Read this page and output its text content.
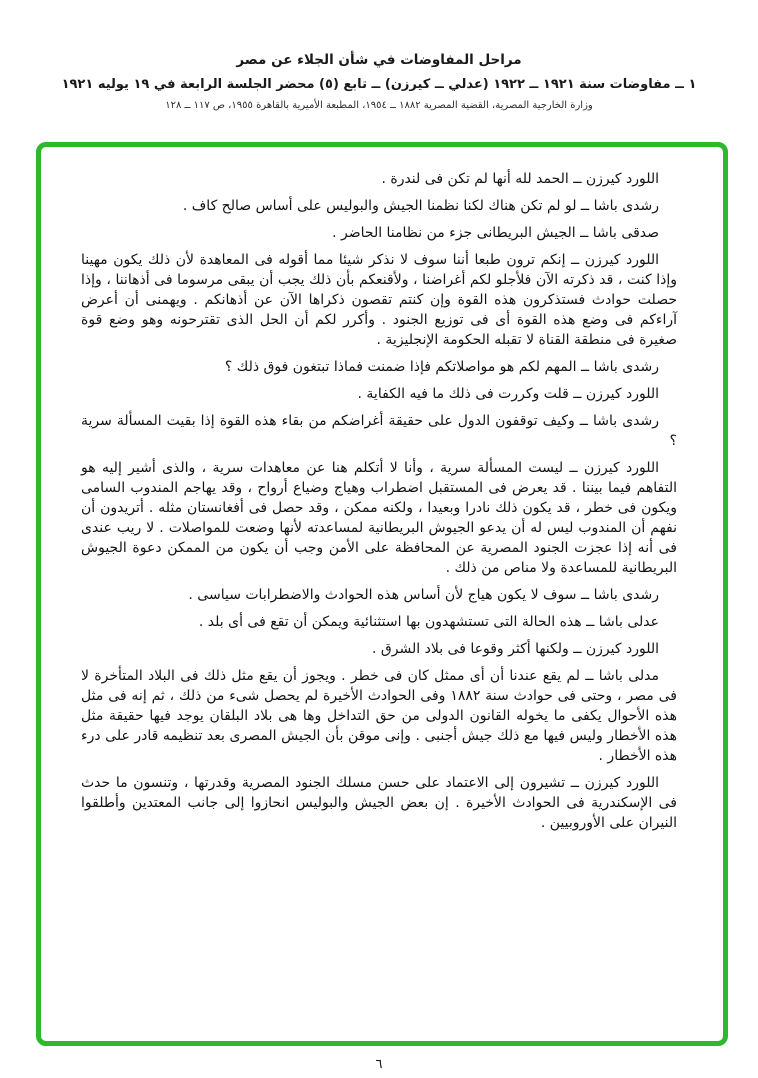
مراحل المفاوضات في شأن الجلاء عن مصر

١ ــ مفاوضات سنة ١٩٢١ ــ ١٩٢٢ (عدلي ــ كيرزن) ــ تابع (٥) محضر الجلسة الرابعة في ١٩ يوليه ١٩٢١

وزارة الخارجية المصرية، القضية المصرية ١٨٨٢ ــ ١٩٥٤، المطبعة الأميرية بالقاهرة ١٩٥٥، ص ١١٧ ــ ١٢٨

اللورد كيرزن ــ الحمد لله أنها لم تكن فى لندرة .

رشدى باشا ــ لو لم تكن هناك لكنا نظمنا الجيش والبوليس على أساس صالح كاف .

صدقى باشا ــ الجيش البريطانى جزء من نظامنا الحاضر .

اللورد كيرزن ــ إنكم ترون طبعا أننا سوف لا نذكر شيئا مما أقوله فى المعاهدة لأن ذلك يكون مهينا وإذا كنت ، قد ذكرته الآن فلأجلو لكم أغراضنا ، ولأقنعكم بأن ذلك يجب أن يبقى مرسوما فى أذهاننا ، وإذا حصلت حوادث فستذكرون هذه القوة وإن كنتم تقصون ذكراها الآن عن أذهانكم . ويهمنى أن أعرض آراءكم فى وضع هذه القوة أى فى توزيع الجنود . وأكرر لكم أن الحل الذى تقترحونه وهو وضع قوة صغيرة فى منطقة القناة لا تقبله الحكومة الإنجليزية .

رشدى باشا ــ المهم لكم هو مواصلاتكم فإذا ضمنت فماذا تبتغون فوق ذلك ؟

اللورد كيرزن ــ قلت وكررت فى ذلك ما فيه الكفاية .

رشدى باشا ــ وكيف توقفون الدول على حقيقة أغراضكم من بقاء هذه القوة إذا بقيت المسألة سرية ؟

اللورد كيرزن ــ ليست المسألة سرية ، وأنا لا أتكلم هنا عن معاهدات سرية ، والذى أشير إليه هو التفاهم فيما بيننا . قد يعرض فى المستقبل اضطراب وهياج وضياع أرواح ، وقد يهاجم المندوب السامى ويكون فى خطر ، قد يكون ذلك نادرا وبعيدا ، ولكنه ممكن ، وقد حصل فى أفغانستان مثله . أتريدون أن نفهم أن المندوب ليس له أن يدعو الجيوش البريطانية لمساعدته لأنها وضعت للمواصلات . لا ريب عندى فى أنه إذا عجزت الجنود المصرية عن المحافظة على الأمن وجب أن يكون من الممكن دعوة الجيوش البريطانية للمساعدة ولا مناص من ذلك .

رشدى باشا ــ سوف لا يكون هياج لأن أساس هذه الحوادث والاضطرابات سياسى .

عدلى باشا ــ هذه الحالة التى تستشهدون بها استثنائية ويمكن أن تقع فى أى بلد .

اللورد كيرزن ــ ولكنها أكثر وقوعا فى بلاد الشرق .

مدلى باشا ــ لم يقع عندنا أن أى ممثل كان فى خطر . ويجوز أن يقع مثل ذلك فى البلاد المتأخرة لا فى مصر ، وحتى فى حوادث سنة ١٨٨٢ وفى الحوادث الأخيرة لم يحصل شىء من ذلك ، ثم إنه فى مثل هذه الأحوال يكفى ما يخوله القانون الدولى من حق التداخل وها هى بلاد البلقان يوجد فيها حقيقة مثل هذه الأخطار وليس فيها مع ذلك جيش أجنبى . وإنى موقن بأن الجيش المصرى بعد تنظيمه قادر على درء هذه الأخطار .

اللورد كيرزن ــ تشيرون إلى الاعتماد على حسن مسلك الجنود المصرية وقدرتها ، وتنسون ما حدث فى الإسكندرية فى الحوادث الأخيرة . إن بعض الجيش والبوليس انحازوا إلى جانب المعتدين وأطلقوا النيران على الأوروبيين .

٦
